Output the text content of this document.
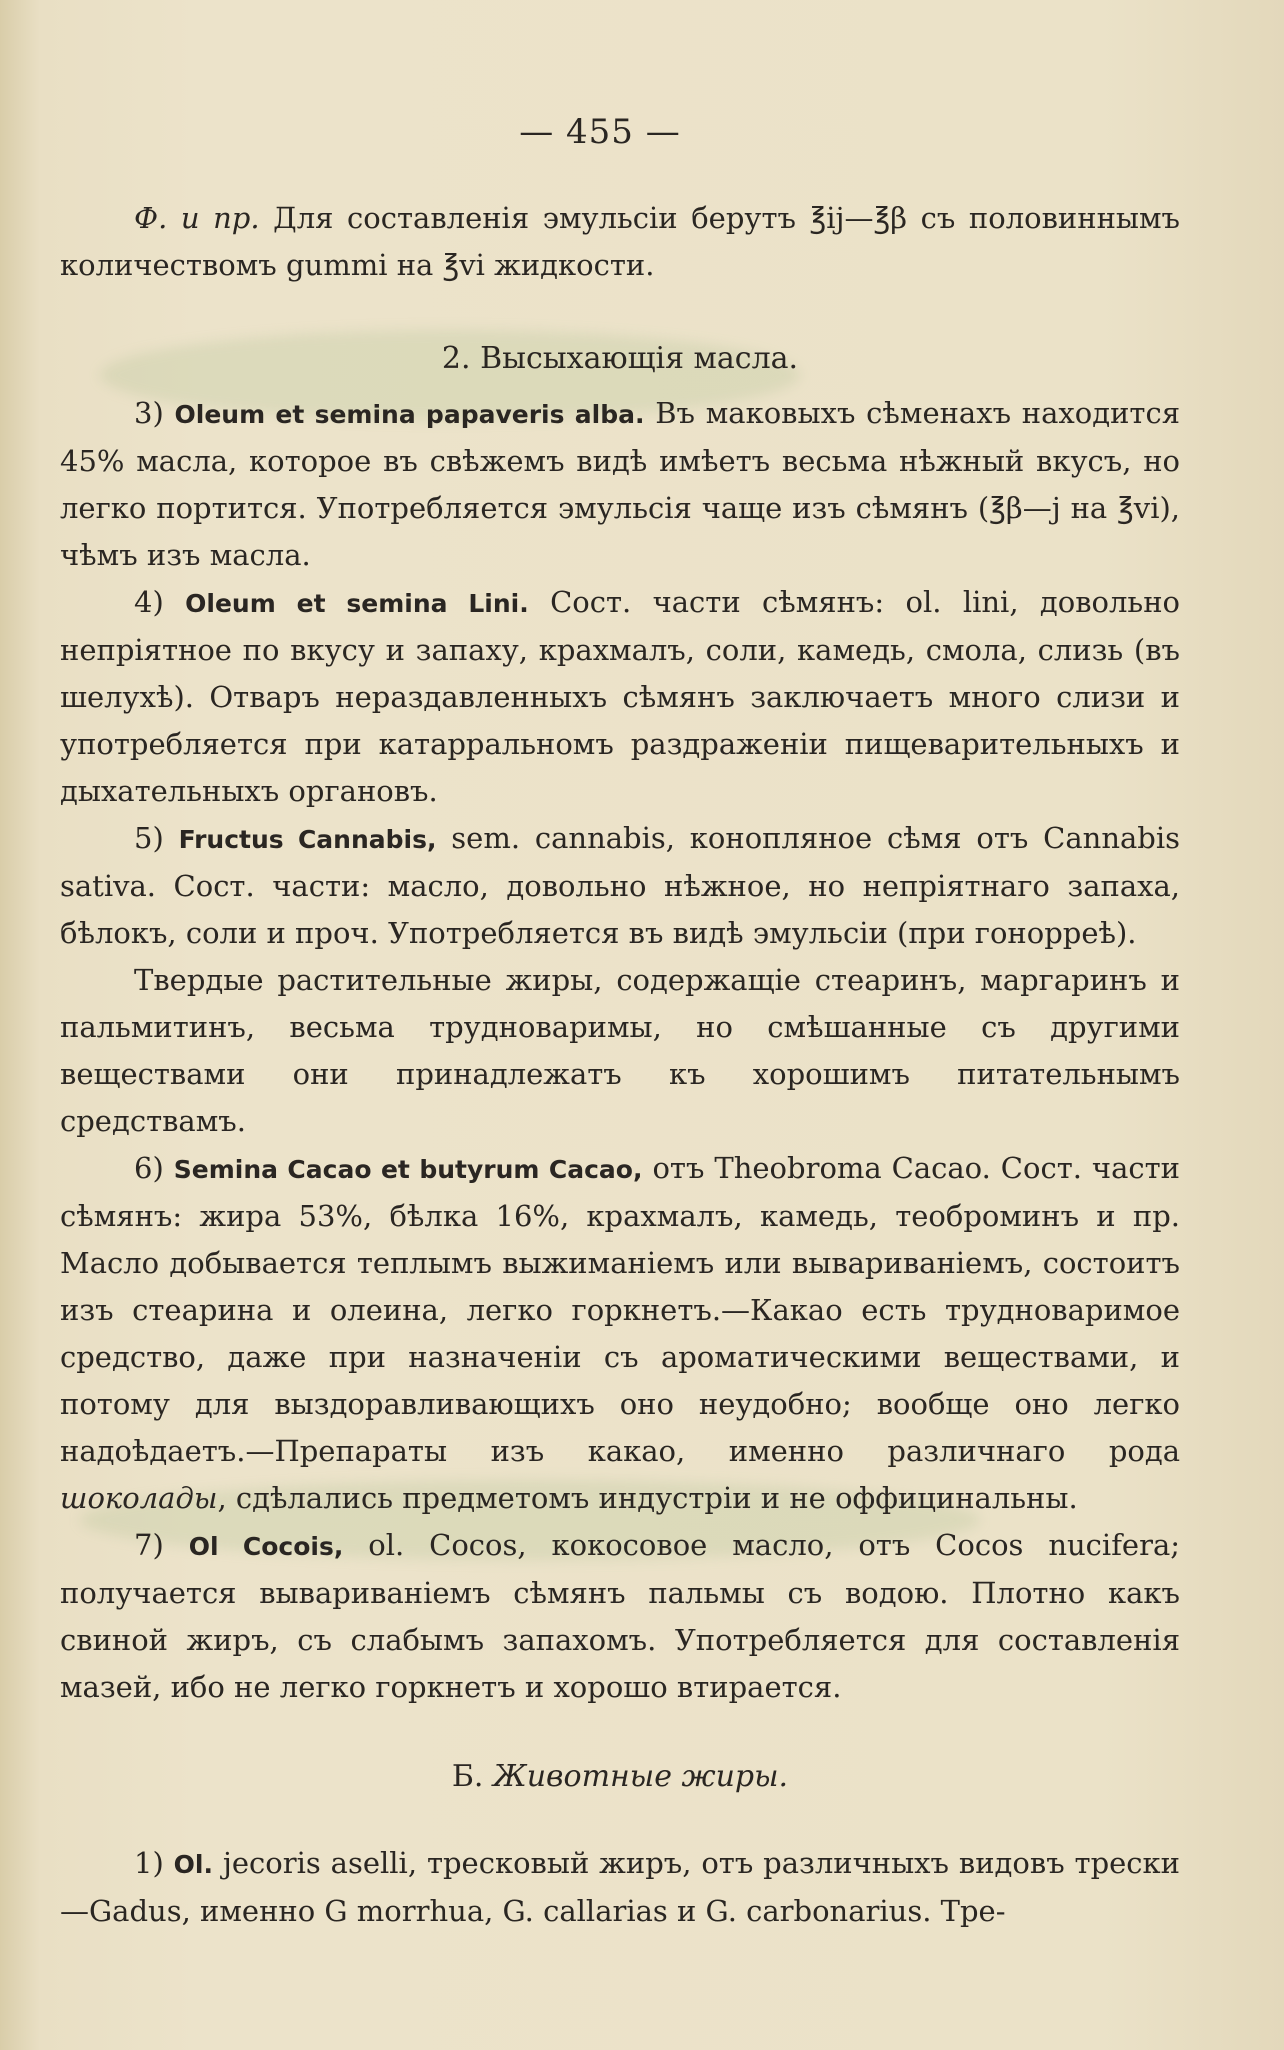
— 455 —

Ф. и пр. Для составленія эмульсіи берутъ ℥ij—℥β съ половиннымъ количествомъ gummi на ℥vi жидкости.

2. Высыхающія масла.

3) Oleum et semina papaveris alba. Въ маковыхъ сѣменахъ находится 45% масла, которое въ свѣжемъ видѣ имѣетъ весьма нѣжный вкусъ, но легко портится. Употребляется эмульсія чаще изъ сѣмянъ (℥β—j на ℥vi), чѣмъ изъ масла.

4) Oleum et semina Lini. Сост. части сѣмянъ: ol. lini, довольно непріятное по вкусу и запаху, крахмалъ, соли, камедь, смола, слизь (въ шелухѣ). Отваръ нераздавленныхъ сѣмянъ заключаетъ много слизи и употребляется при катарральномъ раздраженіи пищеварительныхъ и дыхательныхъ органовъ.

5) Fructus Cannabis, sem. cannabis, конопляное сѣмя отъ Cannabis sativa. Сост. части: масло, довольно нѣжное, но непріятнаго запаха, бѣлокъ, соли и проч. Употребляется въ видѣ эмульсіи (при гоноррeѣ).

Твердые растительные жиры, содержащіе стеаринъ, маргаринъ и пальмитинъ, весьма трудноваримы, но смѣшанные съ другими веществами они принадлежатъ къ хорошимъ питательнымъ средствамъ.

6) Semina Cacao et butyrum Cacao, отъ Theobroma Cacao. Сост. части сѣмянъ: жира 53%, бѣлка 16%, крахмалъ, камедь, теоброминъ и пр. Масло добывается теплымъ выжиманіемъ или вывариваніемъ, состоитъ изъ стеарина и олеина, легко горкнетъ.—Какао есть трудноваримое средство, даже при назначеніи съ ароматическими веществами, и потому для выздоравливающихъ оно неудобно; вообще оно легко надоѣдаетъ.—Препараты изъ какао, именно различнаго рода шоколады, сдѣлались предметомъ индустріи и не оффицинальны.

7) Ol Cocois, ol. Cocos, кокосовое масло, отъ Cocos nucifera; получается вывариваніемъ сѣмянъ пальмы съ водою. Плотно какъ свиной жиръ, съ слабымъ запахомъ. Употребляется для составленія мазей, ибо не легко горкнетъ и хорошо втирается.

Б. Животные жиры.

1) Ol. jecoris aselli, тресковый жиръ, отъ различныхъ видовъ трески—Gadus, именно G morrhua, G. callarias и G. carbonarius. Тре-
